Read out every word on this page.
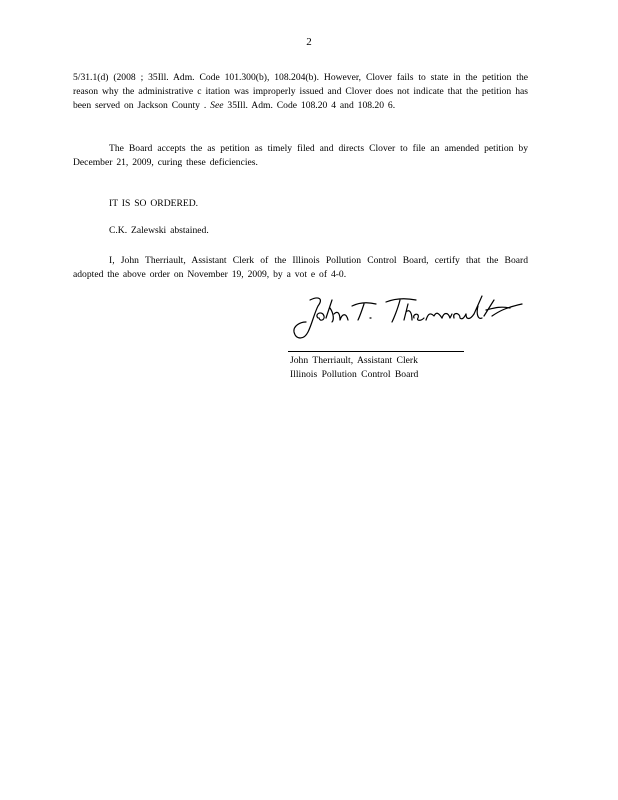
2

5/31.1(d) (2008 ; 35Ill. Adm. Code 101.300(b), 108.204(b). However, Clover fails to state in the petition the reason why the administrative c itation was improperly issued and Clover does not indicate that the petition has been served on Jackson County . See 35Ill. Adm. Code 108.20 4 and 108.20 6.

The Board accepts the as petition as timely filed and directs Clover to file an amended petition by December 21, 2009, curing these deficiencies.

IT IS SO ORDERED.
C.K. Zalewski abstained.

I, John Therriault, Assistant Clerk of the Illinois Pollution Control Board, certify that the Board adopted the above order on November 19, 2009, by a vot e of 4-0.

John Therriault, Assistant Clerk
Illinois Pollution Control Board
